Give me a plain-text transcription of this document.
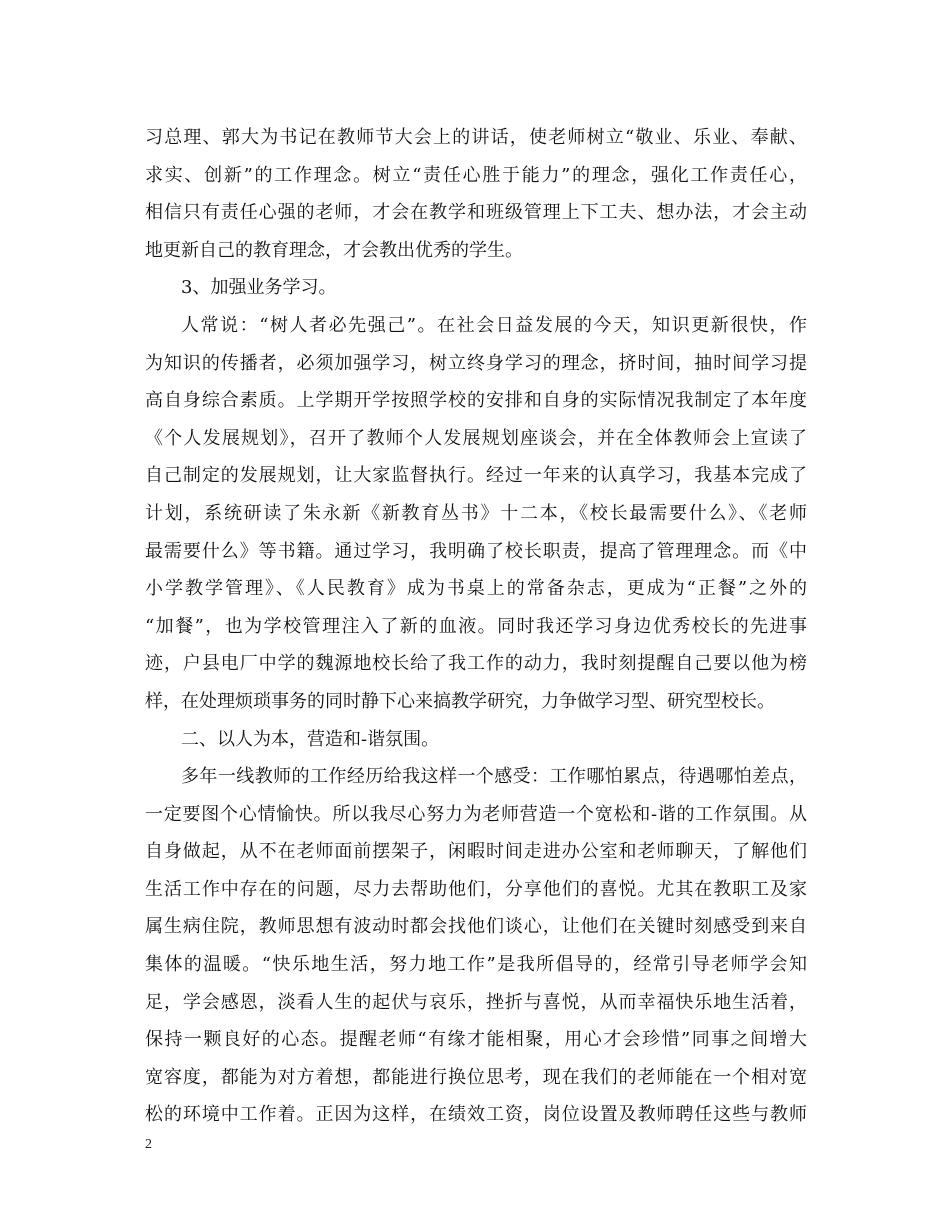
习总理、郭大为书记在教师节大会上的讲话，使老师树立“敬业、乐业、奉献、
求实、创新”的工作理念。树立“责任心胜于能力”的理念，强化工作责任心，
相信只有责任心强的老师，才会在教学和班级管理上下工夫、想办法，才会主动
地更新自己的教育理念，才会教出优秀的学生。
3、加强业务学习。
人常说：“树人者必先强己”。在社会日益发展的今天，知识更新很快，作
为知识的传播者，必须加强学习，树立终身学习的理念，挤时间，抽时间学习提
高自身综合素质。上学期开学按照学校的安排和自身的实际情况我制定了本年度
《个人发展规划》，召开了教师个人发展规划座谈会，并在全体教师会上宣读了
自己制定的发展规划，让大家监督执行。经过一年来的认真学习，我基本完成了
计划，系统研读了朱永新《新教育丛书》十二本，《校长最需要什么》、《老师
最需要什么》等书籍。通过学习，我明确了校长职责，提高了管理理念。而《中
小学教学管理》、《人民教育》成为书桌上的常备杂志，更成为“正餐”之外的
“加餐”，也为学校管理注入了新的血液。同时我还学习身边优秀校长的先进事
迹，户县电厂中学的魏源地校长给了我工作的动力，我时刻提醒自己要以他为榜
样，在处理烦琐事务的同时静下心来搞教学研究，力争做学习型、研究型校长。
二、以人为本，营造和-谐氛围。
多年一线教师的工作经历给我这样一个感受：工作哪怕累点，待遇哪怕差点，
一定要图个心情愉快。所以我尽心努力为老师营造一个宽松和-谐的工作氛围。从
自身做起，从不在老师面前摆架子，闲暇时间走进办公室和老师聊天，了解他们
生活工作中存在的问题，尽力去帮助他们，分享他们的喜悦。尤其在教职工及家
属生病住院，教师思想有波动时都会找他们谈心，让他们在关键时刻感受到来自
集体的温暖。“快乐地生活，努力地工作”是我所倡导的，经常引导老师学会知
足，学会感恩，淡看人生的起伏与哀乐，挫折与喜悦，从而幸福快乐地生活着，
保持一颗良好的心态。提醒老师“有缘才能相聚，用心才会珍惜”同事之间增大
宽容度，都能为对方着想，都能进行换位思考，现在我们的老师能在一个相对宽
松的环境中工作着。正因为这样，在绩效工资，岗位设置及教师聘任这些与教师
2
